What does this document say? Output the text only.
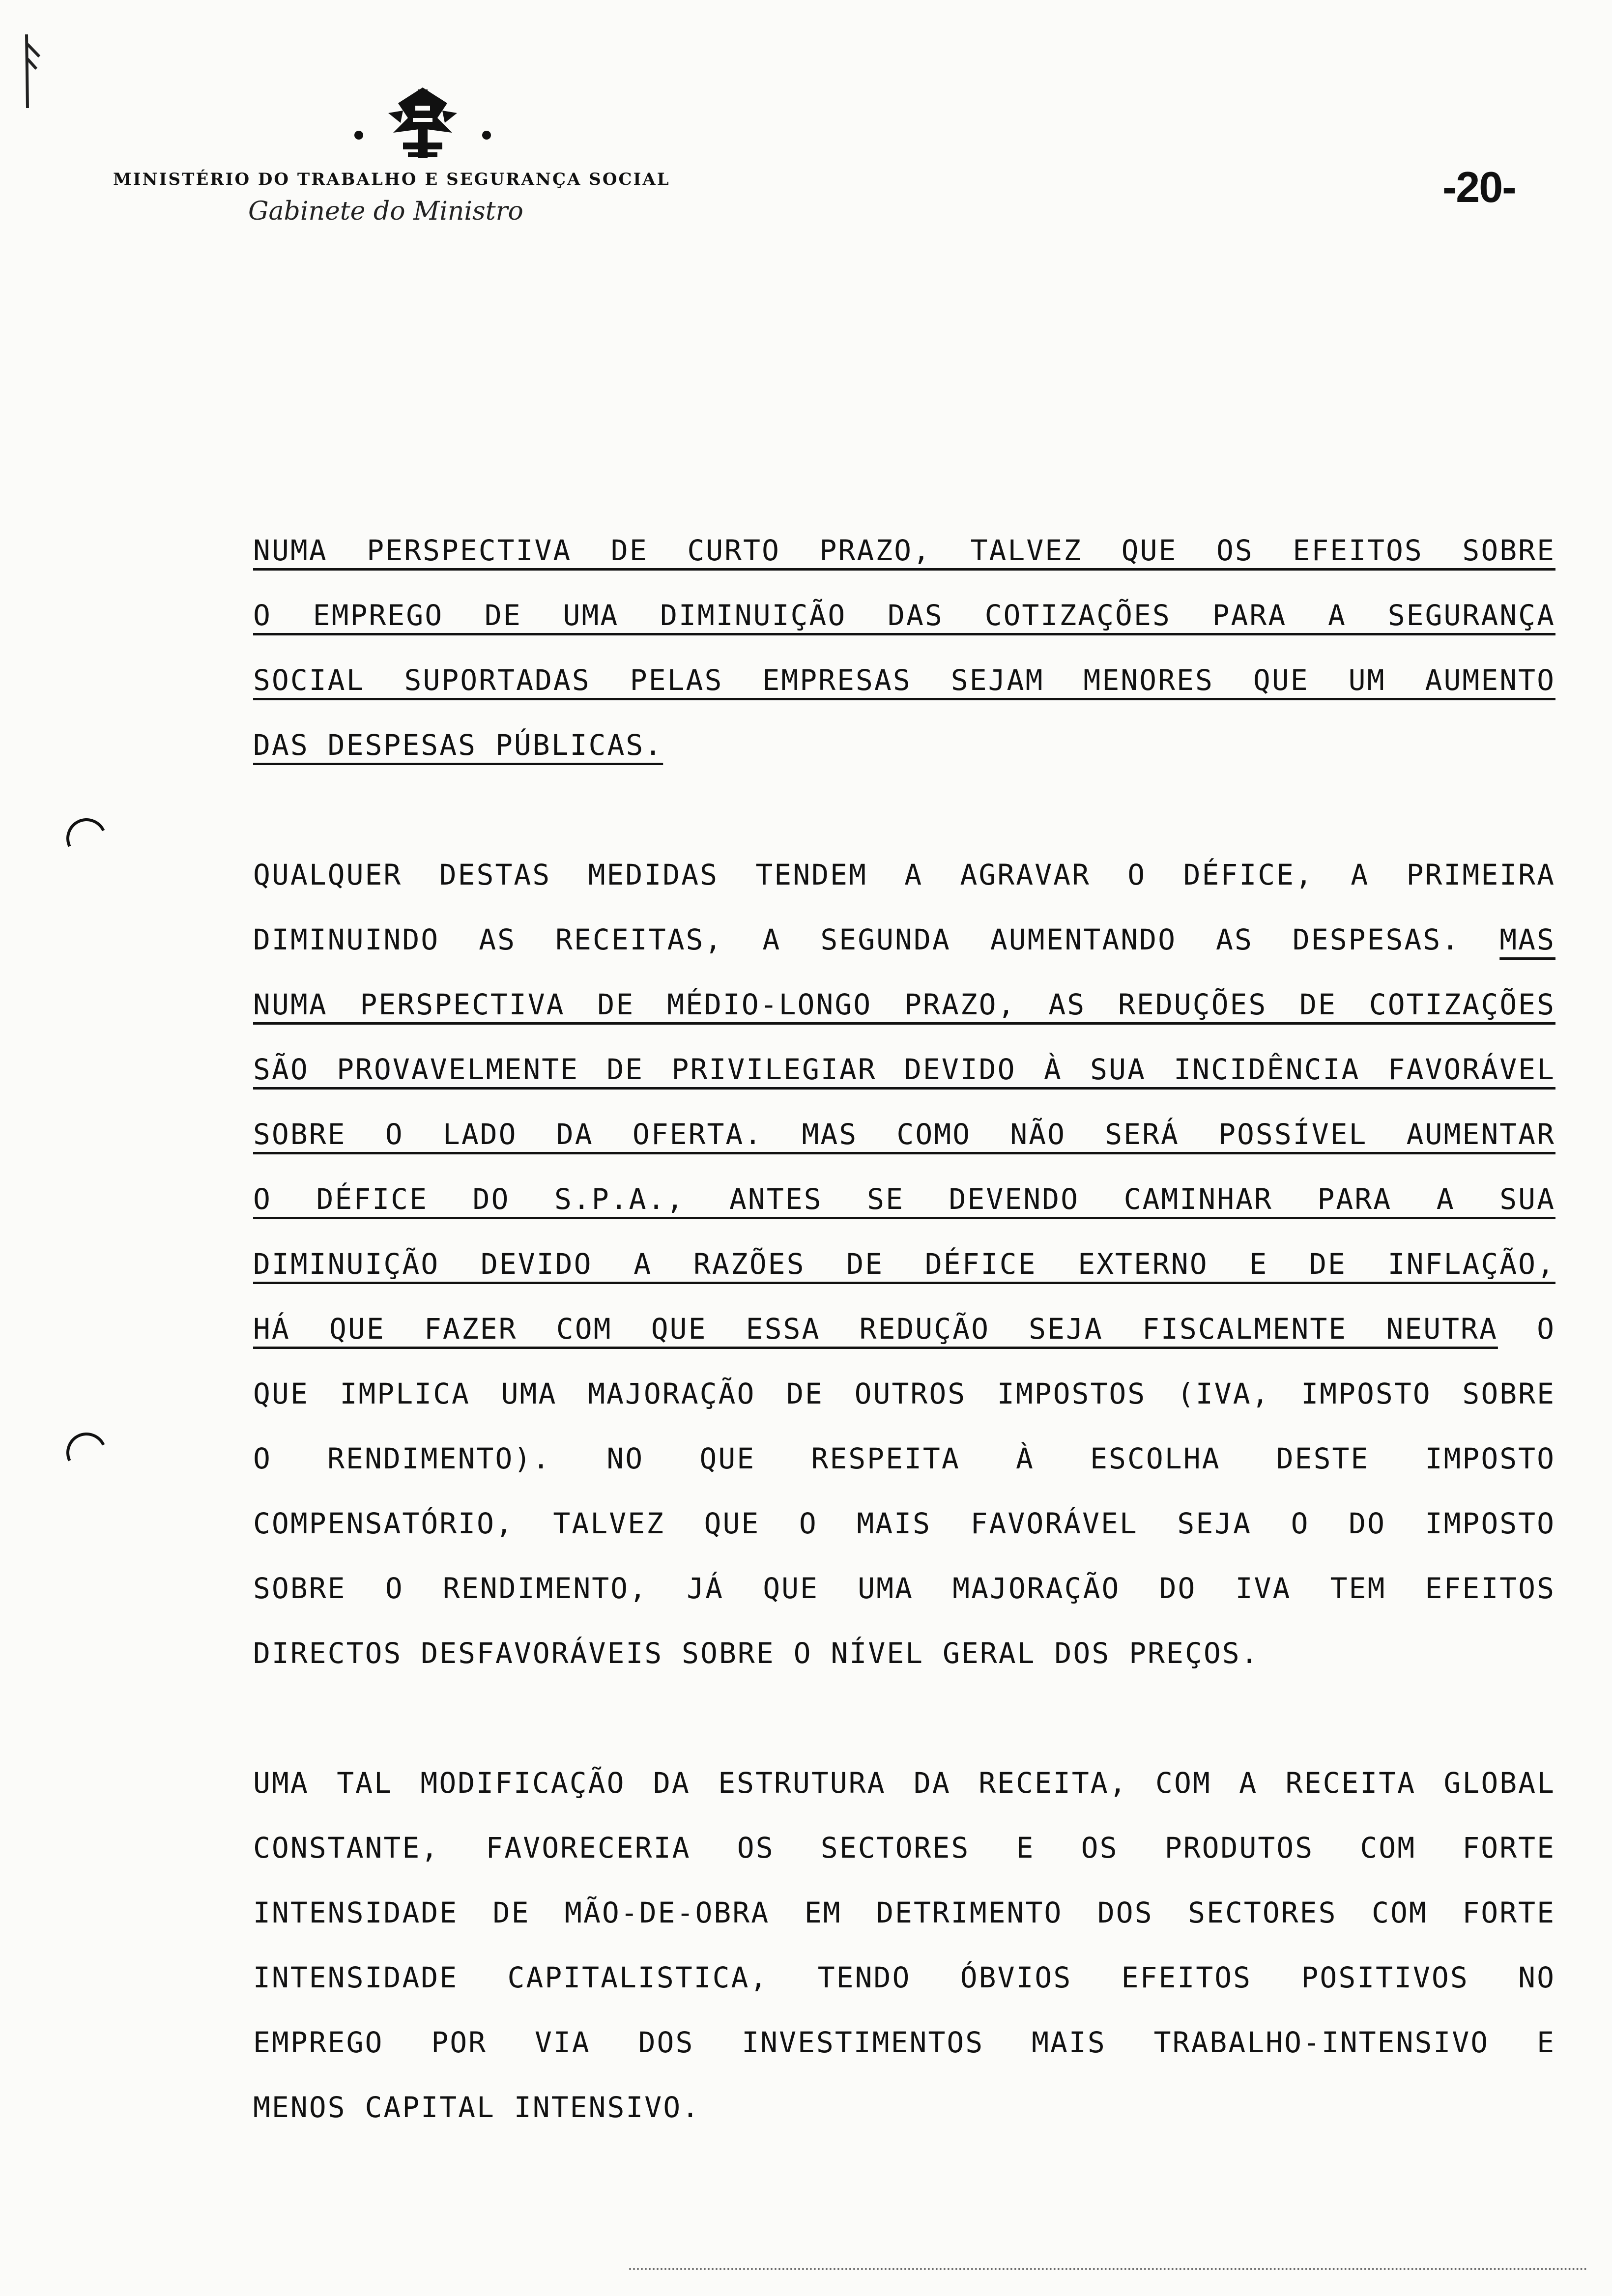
MINISTÉRIO DO TRABALHO E SEGURANÇA SOCIAL
Gabinete do Ministro	-20-
NUMA PERSPECTIVA DE CURTO PRAZO, TALVEZ QUE OS EFEITOS SOBRE
O EMPREGO DE UMA DIMINUIÇÃO DAS COTIZAÇÕES PARA A SEGURANÇA
SOCIAL SUPORTADAS PELAS EMPRESAS SEJAM MENORES QUE UM AUMENTO
DAS DESPESAS PÚBLICAS.
QUALQUER DESTAS MEDIDAS TENDEM A AGRAVAR O DÉFICE, A PRIMEIRA
DIMINUINDO AS RECEITAS, A SEGUNDA AUMENTANDO AS DESPESAS. MAS
NUMA PERSPECTIVA DE MÉDIO-LONGO PRAZO, AS REDUÇÕES DE COTIZAÇÕES
SÃO PROVAVELMENTE DE PRIVILEGIAR DEVIDO À SUA INCIDÊNCIA FAVORÁVEL
SOBRE O LADO DA OFERTA. MAS COMO NÃO SERÁ POSSÍVEL AUMENTAR
O DÉFICE DO S.P.A., ANTES SE DEVENDO CAMINHAR PARA A SUA
DIMINUIÇÃO DEVIDO A RAZÕES DE DÉFICE EXTERNO E DE INFLAÇÃO,
HÁ QUE FAZER COM QUE ESSA REDUÇÃO SEJA FISCALMENTE NEUTRA O
QUE IMPLICA UMA MAJORAÇÃO DE OUTROS IMPOSTOS (IVA, IMPOSTO SOBRE
O RENDIMENTO). NO QUE RESPEITA À ESCOLHA DESTE IMPOSTO
COMPENSATÓRIO, TALVEZ QUE O MAIS FAVORÁVEL SEJA O DO IMPOSTO
SOBRE O RENDIMENTO, JÁ QUE UMA MAJORAÇÃO DO IVA TEM EFEITOS
DIRECTOS DESFAVORÁVEIS SOBRE O NÍVEL GERAL DOS PREÇOS.
UMA TAL MODIFICAÇÃO DA ESTRUTURA DA RECEITA, COM A RECEITA GLOBAL
CONSTANTE, FAVORECERIA OS SECTORES E OS PRODUTOS COM FORTE
INTENSIDADE DE MÃO-DE-OBRA EM DETRIMENTO DOS SECTORES COM FORTE
INTENSIDADE CAPITALISTICA, TENDO ÓBVIOS EFEITOS POSITIVOS NO
EMPREGO POR VIA DOS INVESTIMENTOS MAIS TRABALHO-INTENSIVO E
MENOS CAPITAL INTENSIVO.
